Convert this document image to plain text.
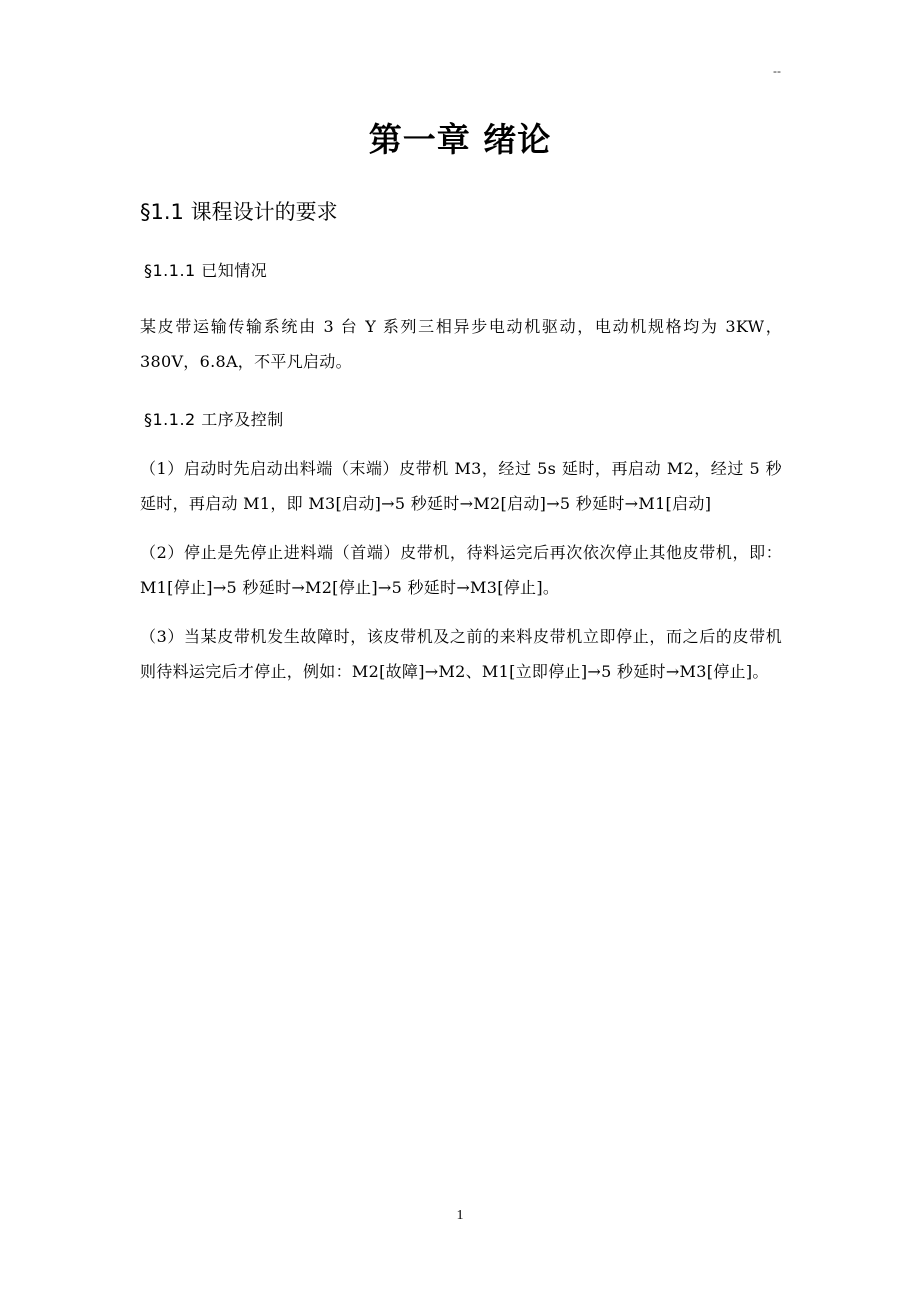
--
第一章 绪论
§1.1 课程设计的要求
§1.1.1 已知情况
某皮带运输传输系统由 3 台 Y 系列三相异步电动机驱动，电动机规格均为 3KW，380V，6.8A，不平凡启动。
§1.1.2 工序及控制
（1）启动时先启动出料端（末端）皮带机 M3，经过 5s 延时，再启动 M2，经过 5 秒延时，再启动 M1，即 M3[启动]→5 秒延时→M2[启动]→5 秒延时→M1[启动]
（2）停止是先停止进料端（首端）皮带机，待料运完后再次依次停止其他皮带机，即：M1[停止]→5 秒延时→M2[停止]→5 秒延时→M3[停止]。
（3）当某皮带机发生故障时，该皮带机及之前的来料皮带机立即停止，而之后的皮带机则待料运完后才停止，例如：M2[故障]→M2、M1[立即停止]→5 秒延时→M3[停止]。
1
